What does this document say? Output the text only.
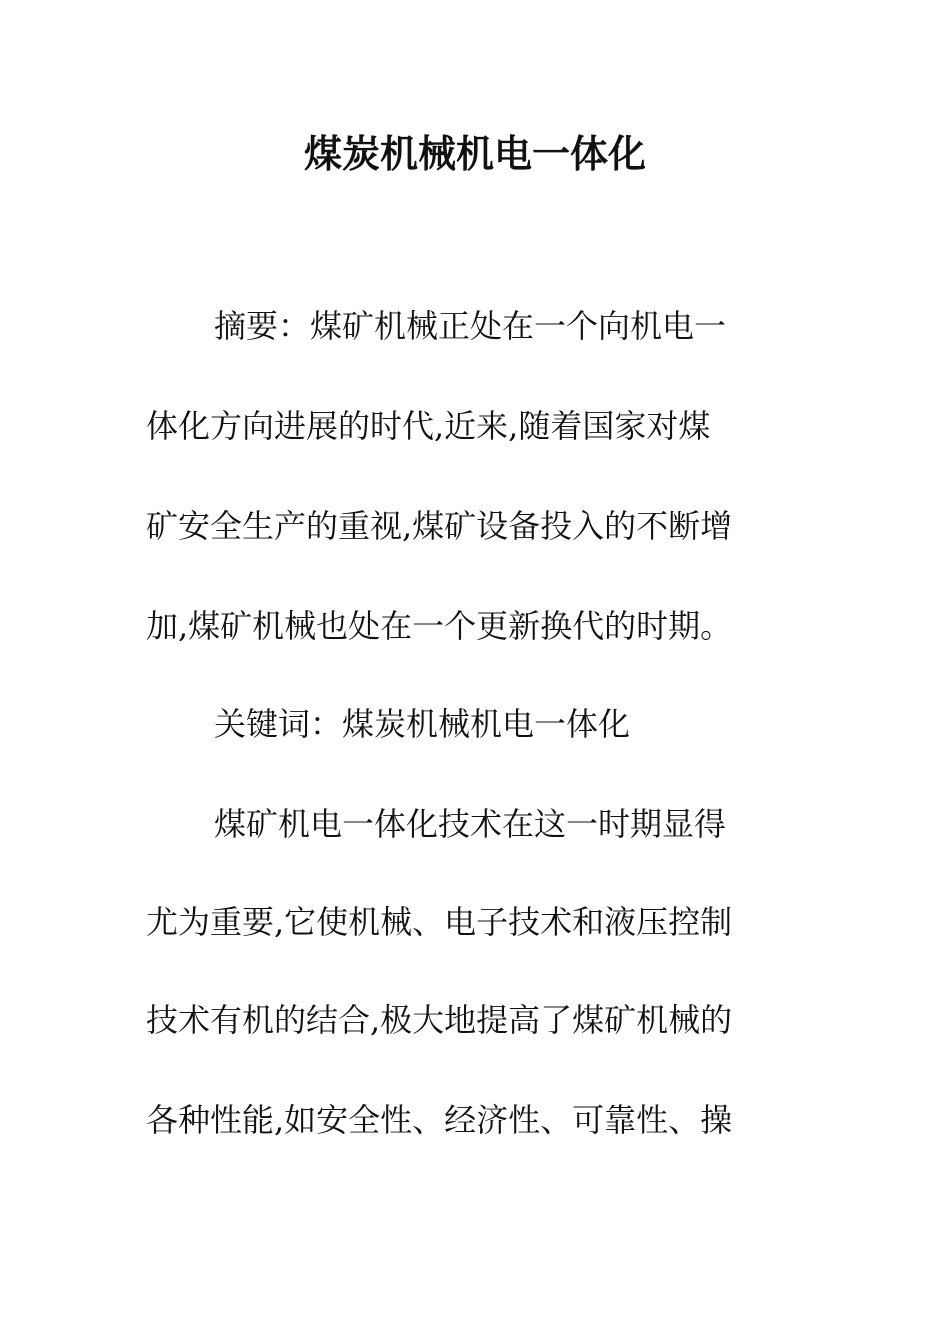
煤炭机械机电一体化
摘要：煤矿机械正处在一个向机电一
体化方向进展的时代,近来,随着国家对煤
矿安全生产的重视,煤矿设备投入的不断增
加,煤矿机械也处在一个更新换代的时期。
关键词：煤炭机械机电一体化
煤矿机电一体化技术在这一时期显得
尤为重要,它使机械、电子技术和液压控制
技术有机的结合,极大地提高了煤矿机械的
各种性能,如安全性、经济性、可靠性、操
